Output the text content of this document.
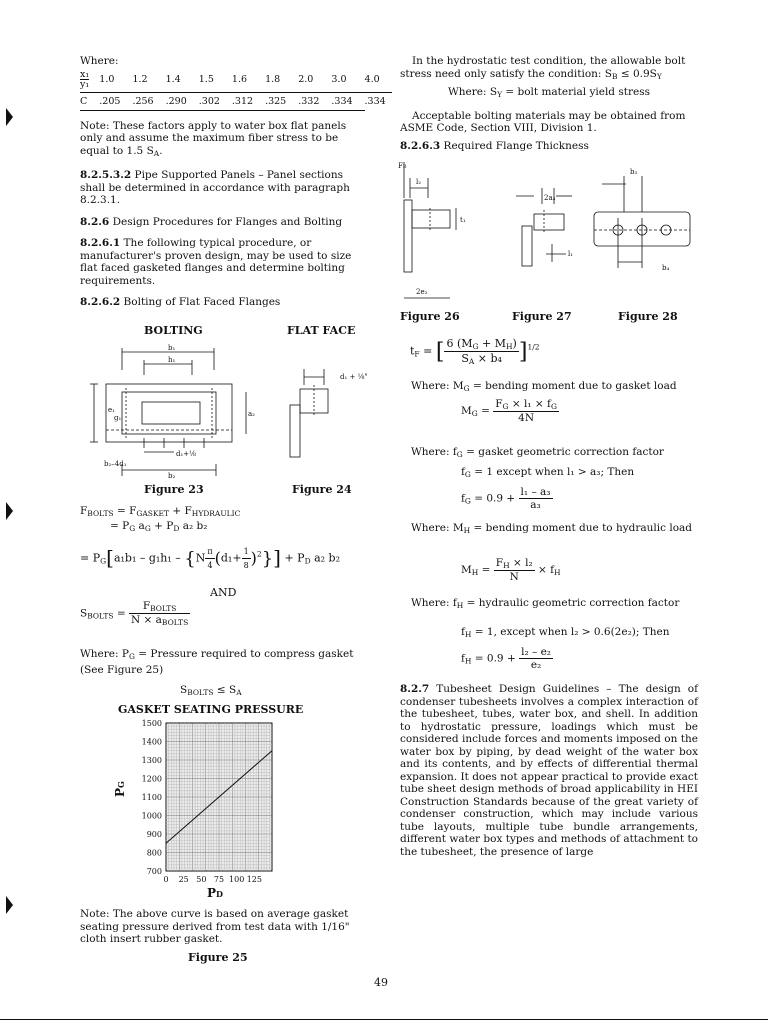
Where:
x₁
y₁	1.0	1.2	1.4	1.5	1.6	1.8	2.0	3.0	4.0

C	.205	.256	.290	.302	.312	.325	.332	.334	.334

Note: These factors apply to water box flat panels only and assume the maximum fiber stress to be equal to 1.5 $S_A$.

8.2.5.3.2 Pipe Supported Panels – Panel sections shall be determined in accordance with paragraph 8.2.3.1.

8.2.6 Design Procedures for Flanges and Bolting

8.2.6.1 The following typical procedure, or manufacturer's proven design, may be used to size flat faced gasketed flanges and determine bolting requirements.

8.2.6.2 Bolting of Flat Faced Flanges

BOLTING	FLAT FACE
b₁
h₁
e₁
g₁	a₂
d₁+⅛
b₂–4d₁
b₂
d₁ + ⅛"
Figure 23	Figure 24
$F_{BOLTS} = F_{GASKET} + F_{HYDRAULIC}$
= $P_G$ $a_G + P_D$ a₂ b₂
= $P_G[a_1b_1 - g_1h_1 - \{N \frac{\pi}{4} (d_1+ \frac{1}{8} )^2\}] + P_D$ a₂ b₂
AND
$S_{BOLTS} = \frac{F_{BOLTS}}{N \times a_{BOLTS}}$

Where: $P_G$ = Pressure required to compress gasket (See Figure 25)

$S_{BOLTS} \le S_A$
GASKET SEATING PRESSURE
700
800
900
1000
1100
1200
1300
1400
1500
0 25 50 75 100 125
PG
PD

Note: The above curve is based on average gasket seating pressure derived from test data with 1/16" cloth insert rubber gasket.

Figure 25

In the hydrostatic test condition, the allowable bolt stress need only satisfy the condition: $S_B \le 0.9S_Y$

Where: $S_Y$ = bolt material yield stress

Acceptable bolting materials may be obtained from ASME Code, Section VIII, Division 1.

8.2.6.3 Required Flange Thickness

FB
l₂
t₁
2e₂
2a₃
l₁
b₃
b₄
Figure 26	Figure 27	Figure 28
$t_F$ = [ $\frac{6 (M_G + M_H)}{S_A \times b_4} ]^{1/2}$

Where: $M_G$ = bending moment due to gasket load

$M_G = \frac{F_G \times l_1 \times f_G}{4N}$

Where: $f_G$ = gasket geometric correction factor

$f_G = 1$ except when l₁ > a₃; Then

$f_G = 0.9 + \frac{\text{l₁ – a₃}}{\text{a₃}}$

Where: $M_H$ = bending moment due to hydraulic load

$M_H = \frac{F_H \times l_2}{N} \times f_H$

Where: $f_H$ = hydraulic geometric correction factor

$f_H = 1$, except when l₂ > 0.6(2e₂); Then

$f_H = 0.9 + \frac{\text{l₂ – e₂}}{\text{e₂}}$

8.2.7 Tubesheet Design Guidelines – The design of condenser tubesheets involves a complex interaction of the tubesheet, tubes, water box, and shell. In addition to hydrostatic pressure, loadings which must be considered include forces and moments imposed on the water box by piping, by dead weight of the water box and its contents, and by effects of differential thermal expansion. It does not appear practical to provide exact tube sheet design methods of broad applicability in HEI Construction Standards because of the great variety of condenser construction, which may include various tube layouts, multiple tube bundle arrangements, different water box types and methods of attachment to the tubesheet, the presence of large

49
